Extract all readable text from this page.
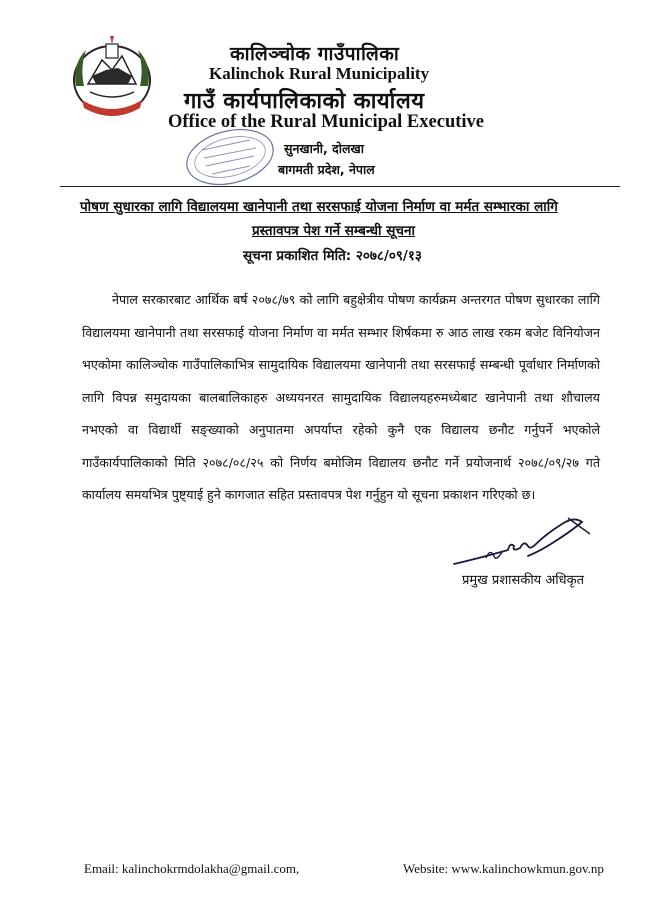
कालिञ्चोक गाउँपालिका
Kalinchok Rural Municipality
गाउँ कार्यपालिकाको कार्यालय
Office of the Rural Municipal Executive
सुनखानी, दोलखा
बागमती प्रदेश, नेपाल
पोषण सुधारका लागि विद्यालयमा खानेपानी तथा सरसफाई योजना निर्माण वा मर्मत सम्भारका लागि
प्रस्तावपत्र पेश गर्ने सम्बन्धी सूचना
सूचना प्रकाशित मिति: २०७८/०९/१३

नेपाल सरकारबाट आर्थिक बर्ष २०७८/७९ को लागि बहुक्षेत्रीय पोषण कार्यक्रम अन्तरगत पोषण सुधारका लागि विद्यालयमा खानेपानी तथा सरसफाई योजना निर्माण वा मर्मत सम्भार शिर्षकमा रु आठ लाख रकम बजेट विनियोजन भएकोमा कालिञ्चोक गाउँपालिकाभित्र सामुदायिक विद्यालयमा खानेपानी तथा सरसफाई सम्बन्धी पूर्वाधार निर्माणको लागि विपन्न समुदायका बालबालिकाहरु अध्ययनरत सामुदायिक विद्यालयहरुमध्येबाट खानेपानी तथा शौचालय नभएको वा विद्यार्थी सङ्ख्याको अनुपातमा अपर्याप्त रहेको कुनै एक विद्यालय छनौट गर्नुपर्ने भएकोले गाउँकार्यपालिकाको मिति २०७८/०८/२५ को निर्णय बमोजिम विद्यालय छनौट गर्ने प्रयोजनार्थ २०७८/०९/२७ गते कार्यालय समयभित्र पुष्ट्याई हुने कागजात सहित प्रस्तावपत्र पेश गर्नुहुन यो सूचना प्रकाशन गरिएको छ।

प्रमुख प्रशासकीय अधिकृत
Email: kalinchokrmdolakha@gmail.com,	Website: www.kalinchowkmun.gov.np
